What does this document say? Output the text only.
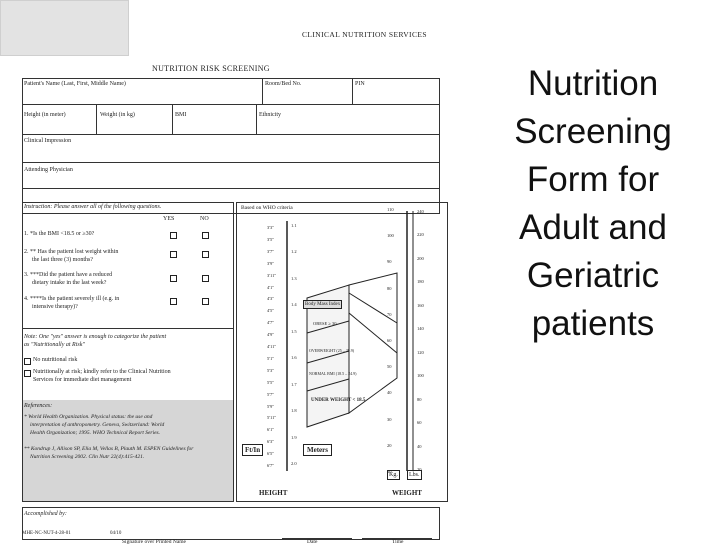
CLINICAL NUTRITION SERVICES
NUTRITION RISK SCREENING
Patient's Name (Last, First, Middle Name)	Room/Bed No.	PIN
Height (in meter)	Weight (in kg)	BMI	Ethnicity
Clinical Impression
Attending Physician
Instruction: Please answer all of the following questions.
YES	NO
1. *Is the BMI <18.5 or ≥30?
2. ** Has the patient lost weight within
the last three (3) months?
3. ***Did the patient have a reduced
dietary intake in the last week?
4. ****Is the patient severely ill (e.g. in
intensive therapy)?
Note: One "yes" answer is enough to categorize the patient
as "Nutritionally at Risk"
No nutritional risk
Nutritionally at risk; kindly refer to the Clinical Nutrition
Services for immediate diet management
References:
* World Health Organization. Physical status: the use and
interpretation of anthropometry. Geneva, Switzerland: World
Health Organization; 1995. WHO Technical Report Series.
** Kondrup J, Allison SP, Elia M, Vellas B, Plauth M. ESPEN Guidelines for
Nutrition Screening 2002. Clin Nutr 22(4):415-421.
Based on WHO criteria
Body Mass Index
OBESE ≥ 30
OVERWEIGHT (25 – 29.9)
NORMAL BMI (18.5 – 24.9)
UNDER WEIGHT < 18.5
Ft/In	Meters
Kg.	Lbs.
HEIGHT	WEIGHT
3'3"
3'5"
3'7"
3'9"
3'11"
4'1"
4'3"
4'5"
4'7"
4'9"
4'11"
5'1"
5'3"
5'5"
5'7"
5'9"
5'11"
6'1"
6'3"
6'5"
6'7"
1.1
1.2
1.3
1.4
1.5
1.6
1.7
1.8
1.9
2.0
110
100
90
80
70
60
50
40
30
20
10
240
220
200
180
160
140
120
100
80
60
40
20
Accomplished by:
Signature over Printed Name	Date	Time
MHE-NC-NUT-4-28-01	04/10
Nutrition
Screening
Form for
Adult and
Geriatric
patients
